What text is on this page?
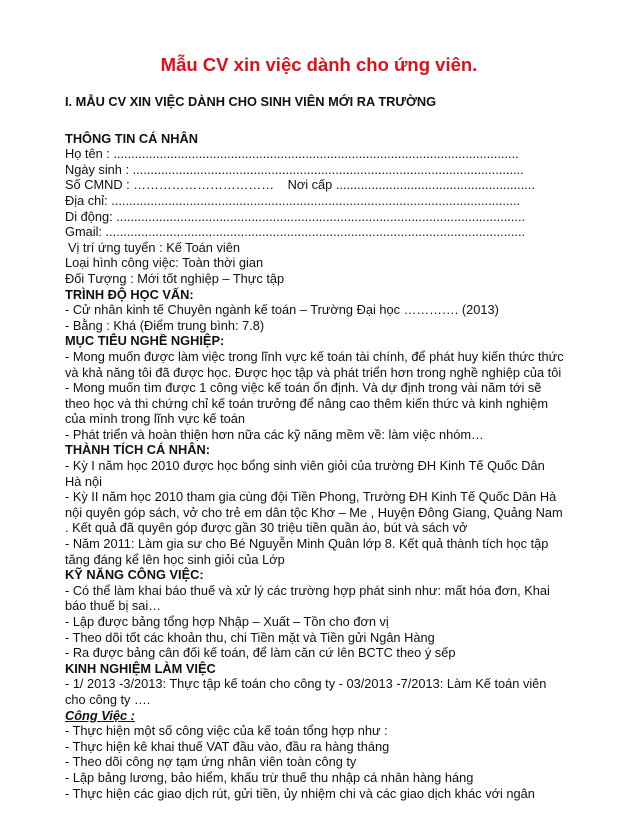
Mẫu CV xin việc dành cho ứng viên.
I. MẪU CV XIN VIỆC DÀNH CHO SINH VIÊN MỚI RA TRƯỜNG
THÔNG TIN CÁ NHÂN
Họ tên : ..................................................................................................................
Ngày sinh : ..............................................................................................................
Số CMND : …………………………… Nơi cấp ........................................................
Địa chỉ: ...................................................................................................................
Di động: ...................................................................................................................
Gmail: ......................................................................................................................
Vị trí ứng tuyển : Kế Toán viên
Loại hình công việc: Toàn thời gian
Đối Tượng : Mới tốt nghiệp – Thực tập
TRÌNH ĐỘ HỌC VẤN:
- Cử nhân kinh tế Chuyên ngành kế toán – Trường Đại học …………. (2013)
- Bằng : Khá (Điểm trung bình: 7.8)
MỤC TIÊU NGHỀ NGHIỆP:
- Mong muốn được làm việc trong lĩnh vực kế toán tài chính, để phát huy kiến thức thức
và khả năng tôi đã được học. Được học tập và phát triển hơn trong nghề nghiệp của tôi
- Mong muốn tìm được 1 công việc kế toán ổn định. Và dự định trong vài năm tới sẽ
theo học và thi chứng chỉ kế toán trưởng để nâng cao thêm kiến thức và kinh nghiệm
của mình trong lĩnh vực kế toán
- Phát triển và hoàn thiện hơn nữa các kỹ năng mềm về: làm việc nhóm…
THÀNH TÍCH CÁ NHÂN:
- Kỳ I năm học 2010 được học bổng sinh viên giỏi của trường ĐH Kinh Tế Quốc Dân
Hà nội
- Kỳ II năm học 2010 tham gia cùng đội Tiền Phong, Trường ĐH Kinh Tế Quốc Dân Hà
nội quyên góp sách, vở cho trẻ em dân tộc Khơ – Me , Huyện Đông Giang, Quảng Nam
. Kết quả đã quyên góp được gần 30 triệu tiền quần áo, bút và sách vở
- Năm 2011: Làm gia sư cho Bé Nguyễn Minh Quân lớp 8. Kết quả thành tích học tập
tăng đáng kể lên học sinh giỏi của Lớp
KỸ NĂNG CÔNG VIỆC:
- Có thể làm khai báo thuế và xử lý các trường hợp phát sinh như: mất hóa đơn, Khai
báo thuế bị sai…
- Lập được bảng tổng hợp Nhập – Xuất – Tồn cho đơn vị
- Theo dõi tốt các khoản thu, chi Tiền mặt và Tiền gửi Ngân Hàng
- Ra được bảng cân đối kế toán, để làm căn cứ lên BCTC theo ý sếp
KINH NGHIỆM LÀM VIỆC
- 1/ 2013 -3/2013: Thực tập kế toán cho công ty - 03/2013 -7/2013: Làm Kế toán viên
cho công ty ….
Công Việc :
- Thực hiện một số công việc của kế toán tổng hợp như :
- Thực hiện kê khai thuế VAT đầu vào, đầu ra hàng tháng
- Theo dõi công nợ tạm ứng nhân viên toàn công ty
- Lập bảng lương, bảo hiểm, khấu trừ thuế thu nhập cá nhân hàng háng
- Thực hiện các giao dịch rút, gửi tiền, ủy nhiệm chi và các giao dịch khác với ngân
